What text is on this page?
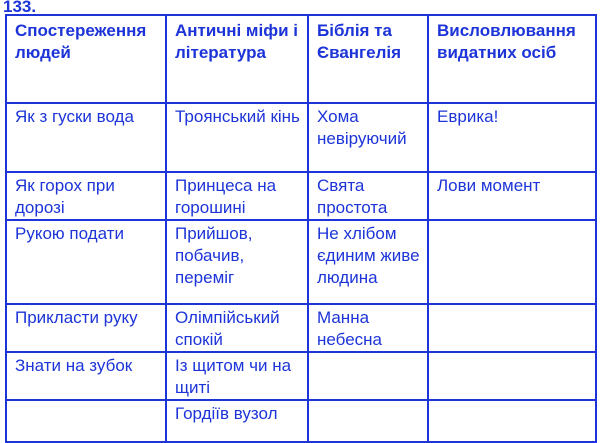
133.
Спостереження людей	Античні міфи і література	Біблія та Євангелія	Висловлювання видатних осіб
Як з гуски вода	Троянський кінь	Хома невіруючий	Еврика!
Як горох при дорозі	Принцеса на горошині	Свята простота	Лови момент
Рукою подати	Прийшов, побачив, переміг	Не хлібом єдиним живе людина	
Прикласти руку	Олімпійський спокій	Манна небесна	
Знати на зубок	Із щитом чи на щиті		
	Гордіїв вузол		
